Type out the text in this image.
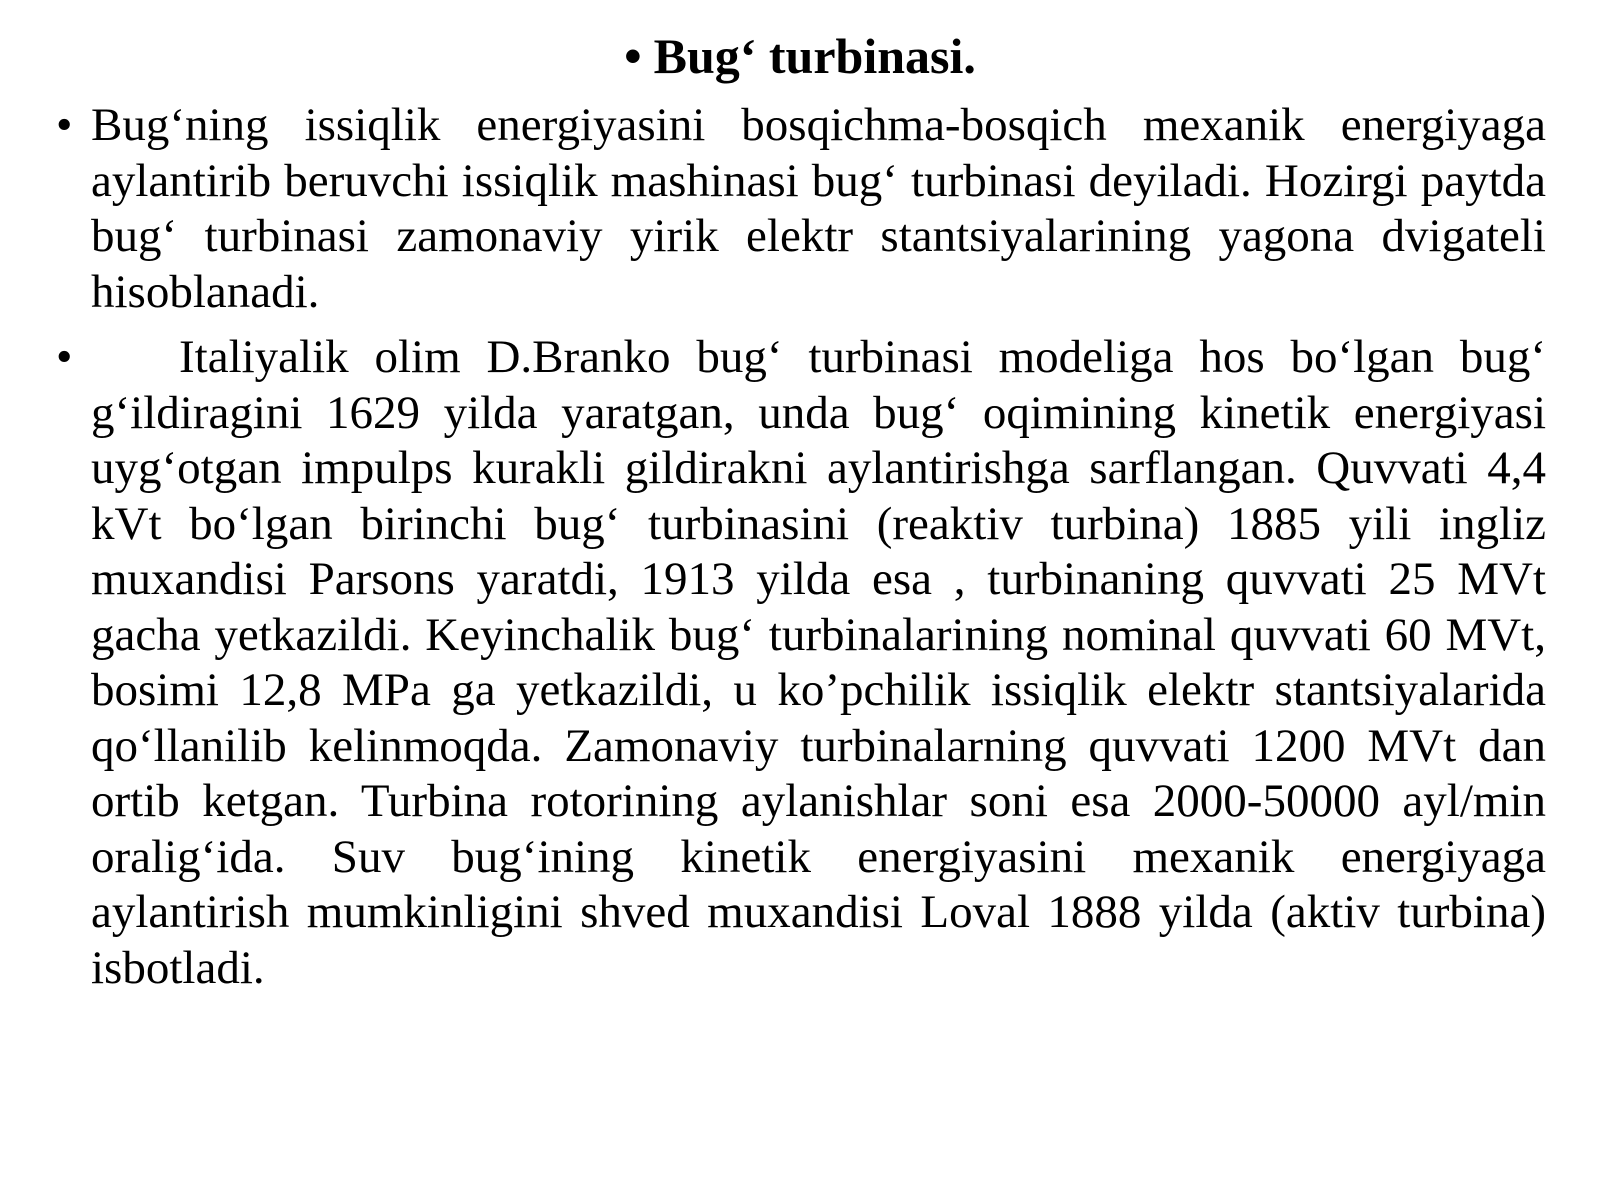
• Bug‘ turbinasi.

• Bug‘ning issiqlik energiyasini bosqichma-bosqich mexanik energiyaga aylantirib beruvchi issiqlik mashinasi bug‘ turbinasi deyiladi. Hozirgi paytda bug‘ turbinasi zamonaviy yirik elektr stantsiyalarining yagona dvigateli hisoblanadi.

• Italiyalik olim D.Branko bug‘ turbinasi modeliga hos bo‘lgan bug‘ g‘ildiragini 1629 yilda yaratgan, unda bug‘ oqimining kinetik energiyasi uyg‘otgan impulps kurakli gildirakni aylantirishga sarflangan. Quvvati 4,4 kVt bo‘lgan birinchi bug‘ turbinasini (reaktiv turbina) 1885 yili ingliz muxandisi Parsons yaratdi, 1913 yilda esa , turbinaning quvvati 25 MVt gacha yetkazildi. Keyinchalik bug‘ turbinalarining nominal quvvati 60 MVt, bosimi 12,8 MPa ga yetkazildi, u ko’pchilik issiqlik elektr stantsiyalarida qo‘llanilib kelinmoqda. Zamonaviy turbinalarning quvvati 1200 MVt dan ortib ketgan. Turbina rotorining aylanishlar soni esa 2000-50000 ayl/min oralig‘ida. Suv bug‘ining kinetik energiyasini mexanik energiyaga aylantirish mumkinligini shved muxandisi Loval 1888 yilda (aktiv turbina) isbotladi.
